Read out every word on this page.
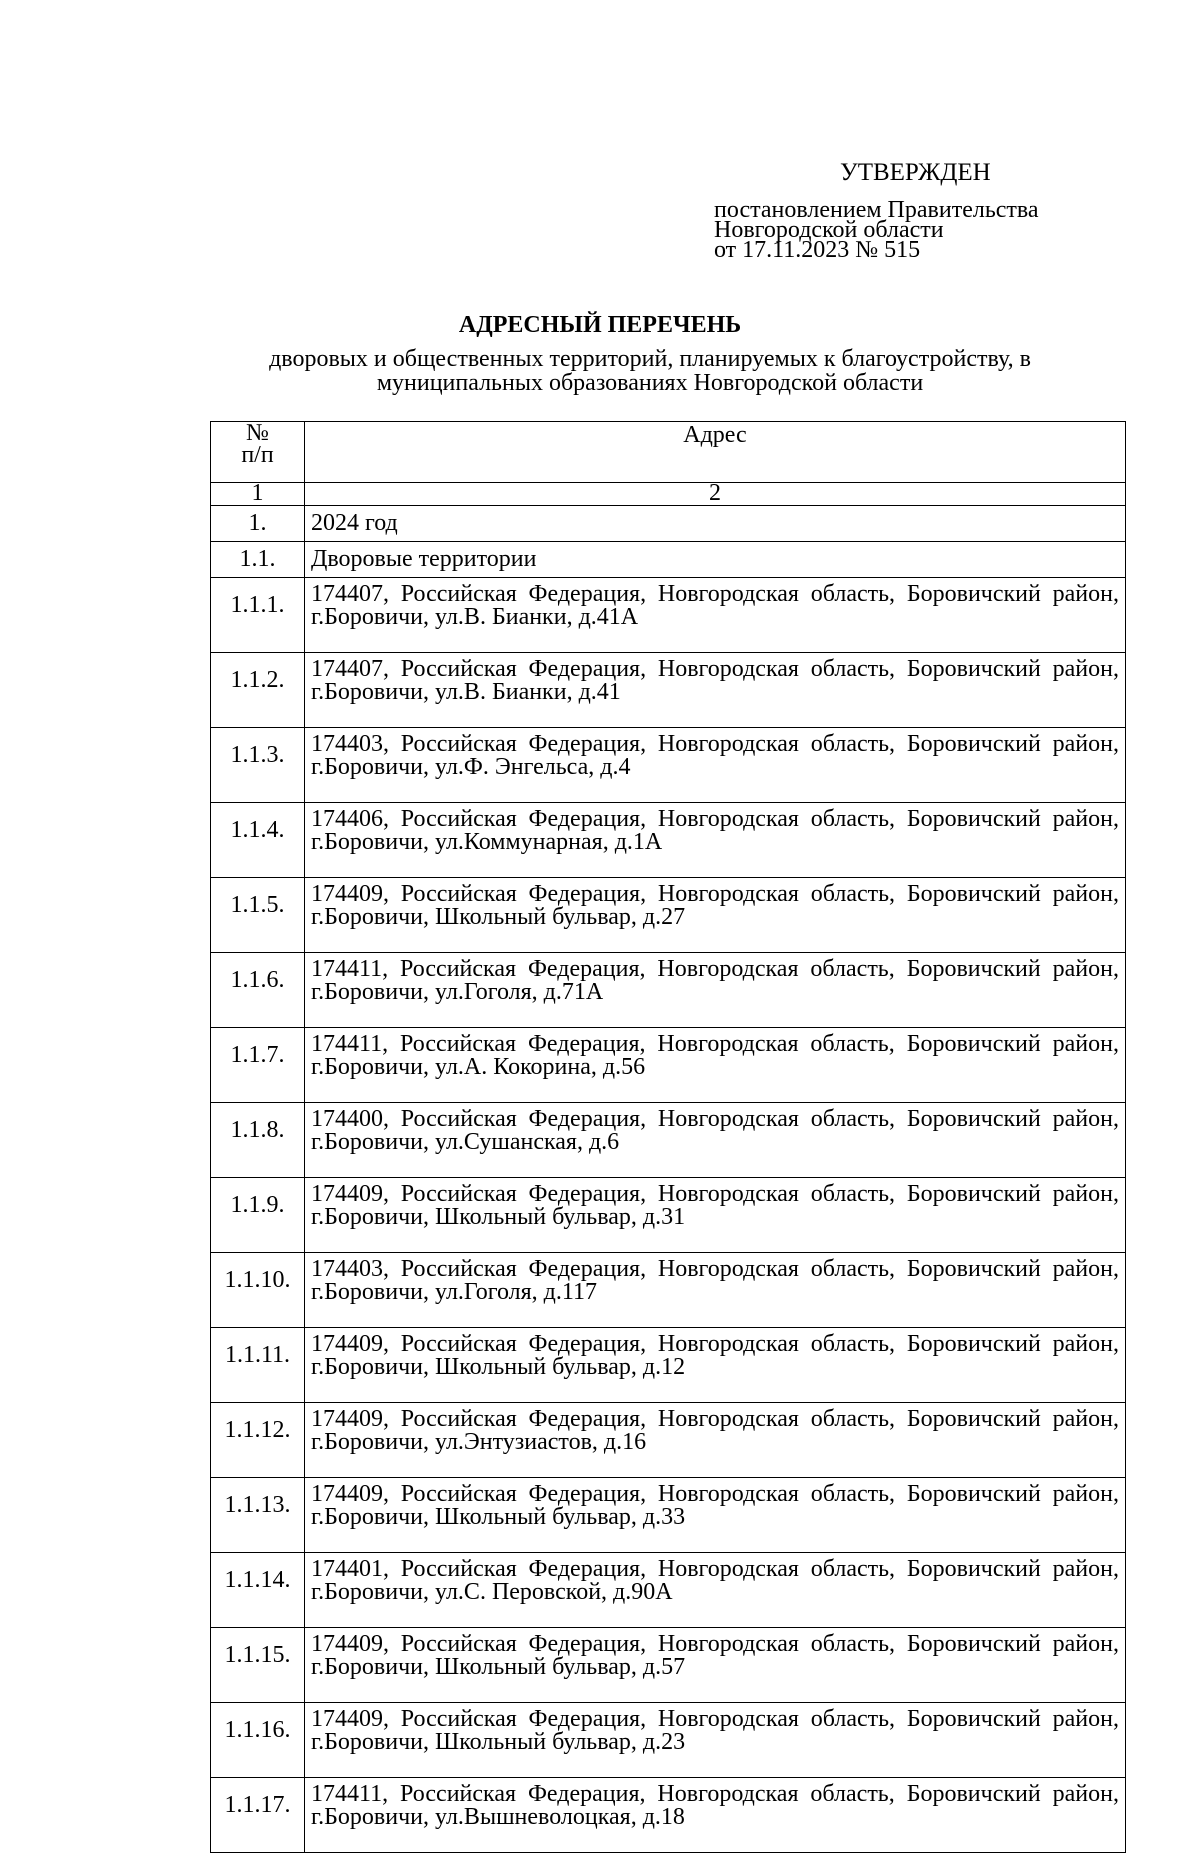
УТВЕРЖДЕН
постановлением Правительства
Новгородской области
от 17.11.2023 № 515
АДРЕСНЫЙ ПЕРЕЧЕНЬ
дворовых и общественных территорий, планируемых к благоустройству, в
муниципальных образованиях Новгородской области
№
п/п	Адрес
1	2
1.	2024 год
1.1.	Дворовые территории
1.1.1.	174407, Российская Федерация, Новгородская область, Боровичский район, г.Боровичи, ул.В. Бианки, д.41А
1.1.2.	174407, Российская Федерация, Новгородская область, Боровичский район, г.Боровичи, ул.В. Бианки, д.41
1.1.3.	174403, Российская Федерация, Новгородская область, Боровичский район, г.Боровичи, ул.Ф. Энгельса, д.4
1.1.4.	174406, Российская Федерация, Новгородская область, Боровичский район, г.Боровичи, ул.Коммунарная, д.1А
1.1.5.	174409, Российская Федерация, Новгородская область, Боровичский район, г.Боровичи, Школьный бульвар, д.27
1.1.6.	174411, Российская Федерация, Новгородская область, Боровичский район, г.Боровичи, ул.Гоголя, д.71А
1.1.7.	174411, Российская Федерация, Новгородская область, Боровичский район, г.Боровичи, ул.А. Кокорина, д.56
1.1.8.	174400, Российская Федерация, Новгородская область, Боровичский район, г.Боровичи, ул.Сушанская, д.6
1.1.9.	174409, Российская Федерация, Новгородская область, Боровичский район, г.Боровичи, Школьный бульвар, д.31
1.1.10.	174403, Российская Федерация, Новгородская область, Боровичский район, г.Боровичи, ул.Гоголя, д.117
1.1.11.	174409, Российская Федерация, Новгородская область, Боровичский район, г.Боровичи, Школьный бульвар, д.12
1.1.12.	174409, Российская Федерация, Новгородская область, Боровичский район, г.Боровичи, ул.Энтузиастов, д.16
1.1.13.	174409, Российская Федерация, Новгородская область, Боровичский район, г.Боровичи, Школьный бульвар, д.33
1.1.14.	174401, Российская Федерация, Новгородская область, Боровичский район, г.Боровичи, ул.С. Перовской, д.90А
1.1.15.	174409, Российская Федерация, Новгородская область, Боровичский район, г.Боровичи, Школьный бульвар, д.57
1.1.16.	174409, Российская Федерация, Новгородская область, Боровичский район, г.Боровичи, Школьный бульвар, д.23
1.1.17.	174411, Российская Федерация, Новгородская область, Боровичский район, г.Боровичи, ул.Вышневолоцкая, д.18
